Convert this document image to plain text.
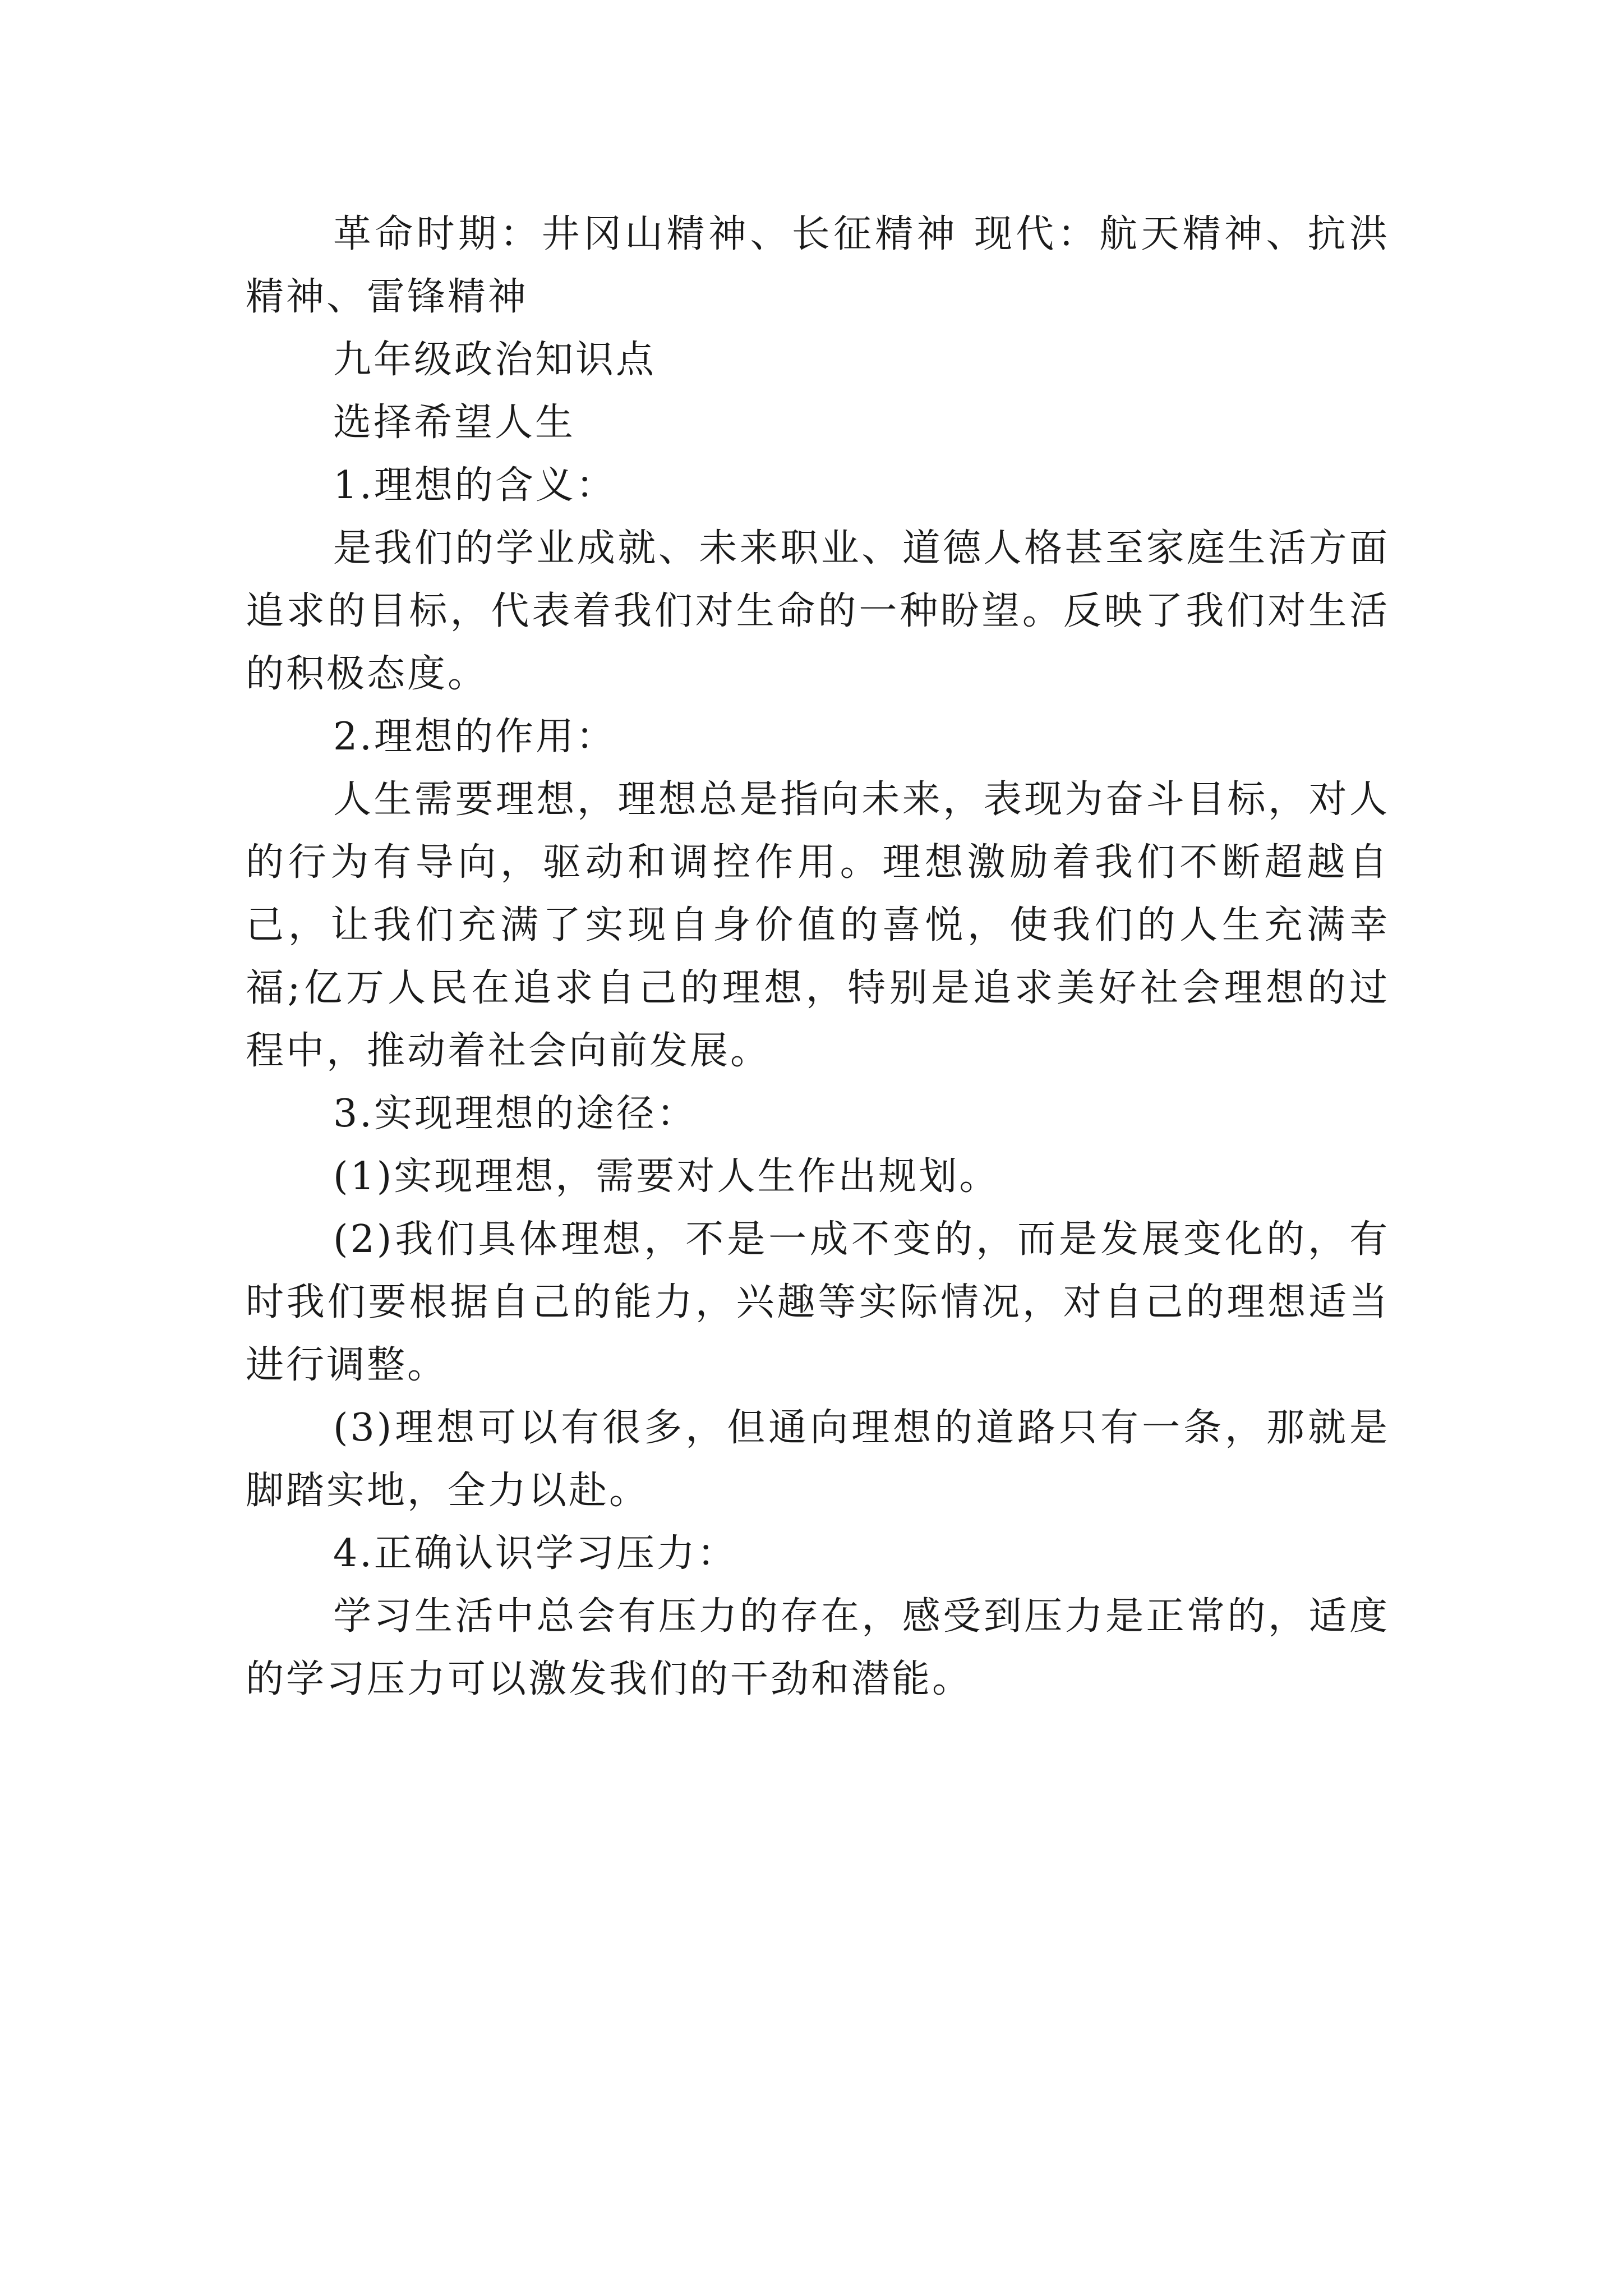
革命时期：井冈山精神、长征精神 现代：航天精神、抗洪精神、雷锋精神

九年级政治知识点

选择希望人生

1.理想的含义：

是我们的学业成就、未来职业、道德人格甚至家庭生活方面追求的目标，代表着我们对生命的一种盼望。反映了我们对生活的积极态度。

2.理想的作用：

人生需要理想，理想总是指向未来，表现为奋斗目标，对人的行为有导向，驱动和调控作用。理想激励着我们不断超越自己，让我们充满了实现自身价值的喜悦，使我们的人生充满幸福;亿万人民在追求自己的理想，特别是追求美好社会理想的过程中，推动着社会向前发展。

3.实现理想的途径：

(1)实现理想，需要对人生作出规划。

(2)我们具体理想，不是一成不变的，而是发展变化的，有时我们要根据自己的能力，兴趣等实际情况，对自己的理想适当进行调整。

(3)理想可以有很多，但通向理想的道路只有一条，那就是脚踏实地，全力以赴。

4.正确认识学习压力：

学习生活中总会有压力的存在，感受到压力是正常的，适度的学习压力可以激发我们的干劲和潜能。
